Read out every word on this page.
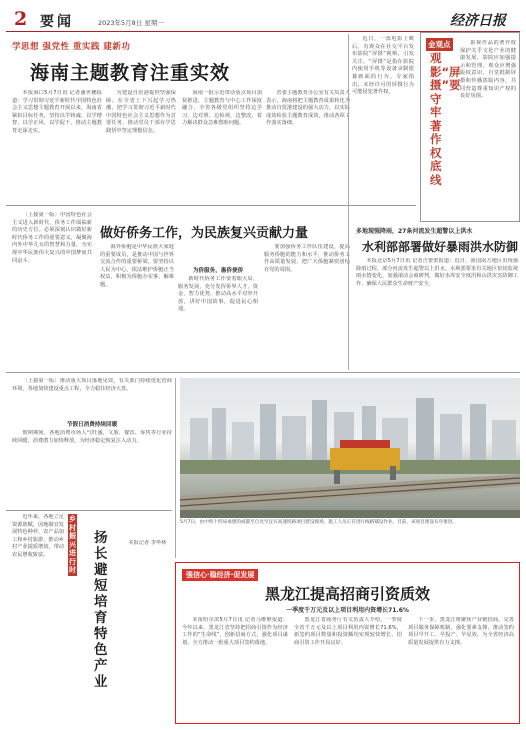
2 要闻	2023年5月8日 星期一	经济日报
学思想 强党性 重实践 建新功
海南主题教育注重实效
本报海口5月7日讯 记者潘世鹏报道：学习贯彻习近平新时代中国特色社会主义思想主题教育开展以来，海南省紧扣目标任务，坚持以学铸魂、以学增智、以学正风、以学促干，推动主题教育走深走实。
为建设自贸港提供坚强保障。在全省上下兴起学习热潮，把学习贯彻习近平新时代中国特色社会主义思想作为首要任务，推动党员干部在学思践悟中坚定理想信念。
海南一批示范带动重点项目加快推进，主题教育与中心工作深度融合，全省各级党组织坚持边学习、边对照、边检视、边整改，着力解决群众急难愁盼问题。
省委主题教育办公室有关负责人表示，海南将把主题教育成果转化为推动自贸港建设的强大动力，以实际成效检验主题教育成效，推动各项工作落实落细。
近日，一部电影上映后，有观众在社交平台发布影院“屏摄”视频，引发关注。“屏摄”是指在影院内使用手机等设备录制银幕画面的行为。专家指出，未经许可的屏摄行为可能侵犯著作权。
金观点
观影“屏摄”要守牢著作权底线
影视作品的著作权保护关乎文化产业的健康发展。影院应加强提示和管理，观众应增强版权意识，自觉抵制屏摄和传播盗版内容，共同营造尊重知识产权的良好氛围。
〔上接第一版〕中国特色社会主义进入新时代，侨务工作面临新的历史方位。必须深刻认识做好新时代侨务工作的重要意义，凝聚海内外中华儿女的智慧和力量，为实现中华民族伟大复兴的中国梦而共同奋斗。
做好侨务工作，为民族复兴贡献力量
海外侨胞是中华民族大家庭的重要成员，是推动中国与世界交流合作的重要桥梁。要坚持以人民为中心，依法维护侨胞正当权益，积极为侨胞办实事、解难题。
为侨服务，惠侨便侨
新时代侨务工作要着眼大局、服务发展，充分发挥侨界人才、资金、智力优势，推动高水平对外开放，讲好中国故事，促进民心相通。
要加强侨务工作队伍建设，提高服务侨胞的能力和水平，推动侨务工作高质量发展，把广大侨胞紧密团结在党的周围。
多地现强降雨，27条河流发生超警以上洪水
水利部部署做好暴雨洪水防御
本报北京5月7日讯 记者吉蕾蕾报道：近日，我国南方地区出现强降雨过程，部分河流发生超警以上洪水。水利部要求有关地区密切监视雨水情变化，加强滚动会商研判，做好水库安全度汛和山洪灾害防御工作，确保人民群众生命财产安全。
〔上接第一版〕推动重大项目落地见效，有关部门持续优化营商环境，各地加快建设重点工程，全力稳住经济大盘。
节假日消费持续回暖
假期期间，各地消费市场人气旺盛，文旅、餐饮、零售等行业持续回暖，消费潜力加快释放，为经济稳定恢复注入动力。
5月7日，由中铁十四局承建的成都至自贡至宜宾高速铁路项目建设现场，施工人员正在进行线路铺设作业。目前，该项目建设有序推进。
近年来，各地立足资源禀赋，因地制宜发展特色种养、农产品加工和乡村旅游，推动乡村产业提质增效，带动农民增收致富。
乡村振兴进行时
扬长避短培育特色产业
本报记者 李华林
强信心·稳经济·促发展
黑龙江提高招商引资质效
一季度千万元及以上项目利用内资增长71.6%
本报哈尔滨5月7日讯 记者马维维报道：今年以来，黑龙江省坚持把招商引资作为经济工作的“生命线”，创新招商方式，强化项目谋划，全力推动一批重大项目签约落地。
黑龙江省商务厅有关负责人介绍，一季度全省千万元及以上项目利用内资增长71.6%，新签约项目数量和投资额均实现较快增长，招商引资工作开局良好。
下一步，黑龙江将聚焦产业链招商，完善项目服务保障机制，强化要素支撑，推动签约项目早开工、早投产、早见效，为全省经济高质量发展提供有力支撑。
